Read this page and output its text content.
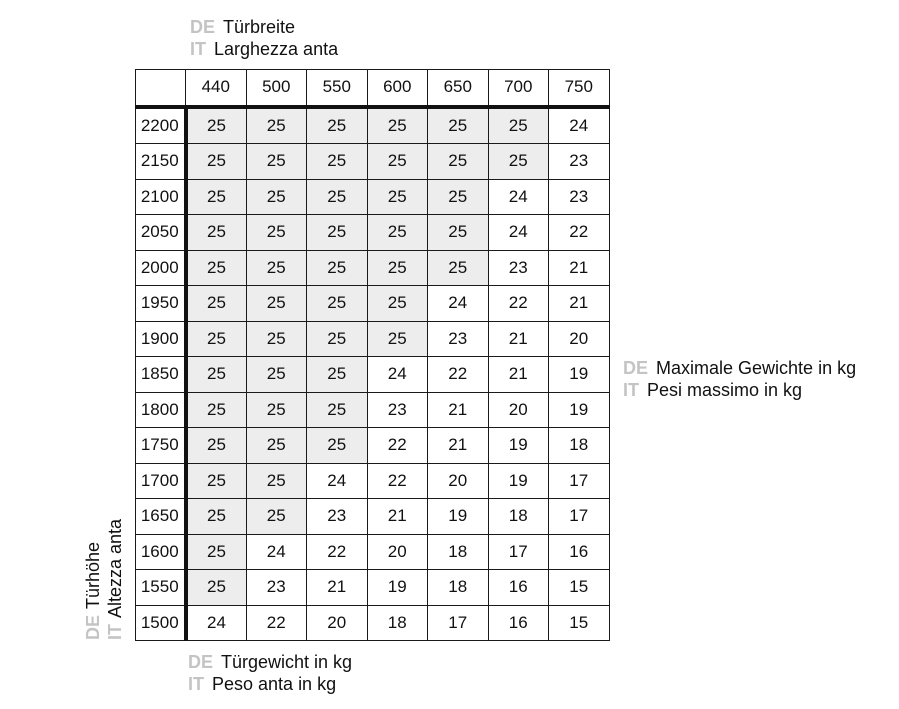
DE Türbreite
IT Larghezza anta
DETürhöhe
ITAltezza anta
	440	500	550	600	650	700	750
2200	25	25	25	25	25	25	24
2150	25	25	25	25	25	25	23
2100	25	25	25	25	25	24	23
2050	25	25	25	25	25	24	22
2000	25	25	25	25	25	23	21
1950	25	25	25	25	24	22	21
1900	25	25	25	25	23	21	20
1850	25	25	25	24	22	21	19
1800	25	25	25	23	21	20	19
1750	25	25	25	22	21	19	18
1700	25	25	24	22	20	19	17
1650	25	25	23	21	19	18	17
1600	25	24	22	20	18	17	16
1550	25	23	21	19	18	16	15
1500	24	22	20	18	17	16	15
DE Maximale Gewichte in kg
IT Pesi massimo in kg
DE Türgewicht in kg
IT Peso anta in kg
